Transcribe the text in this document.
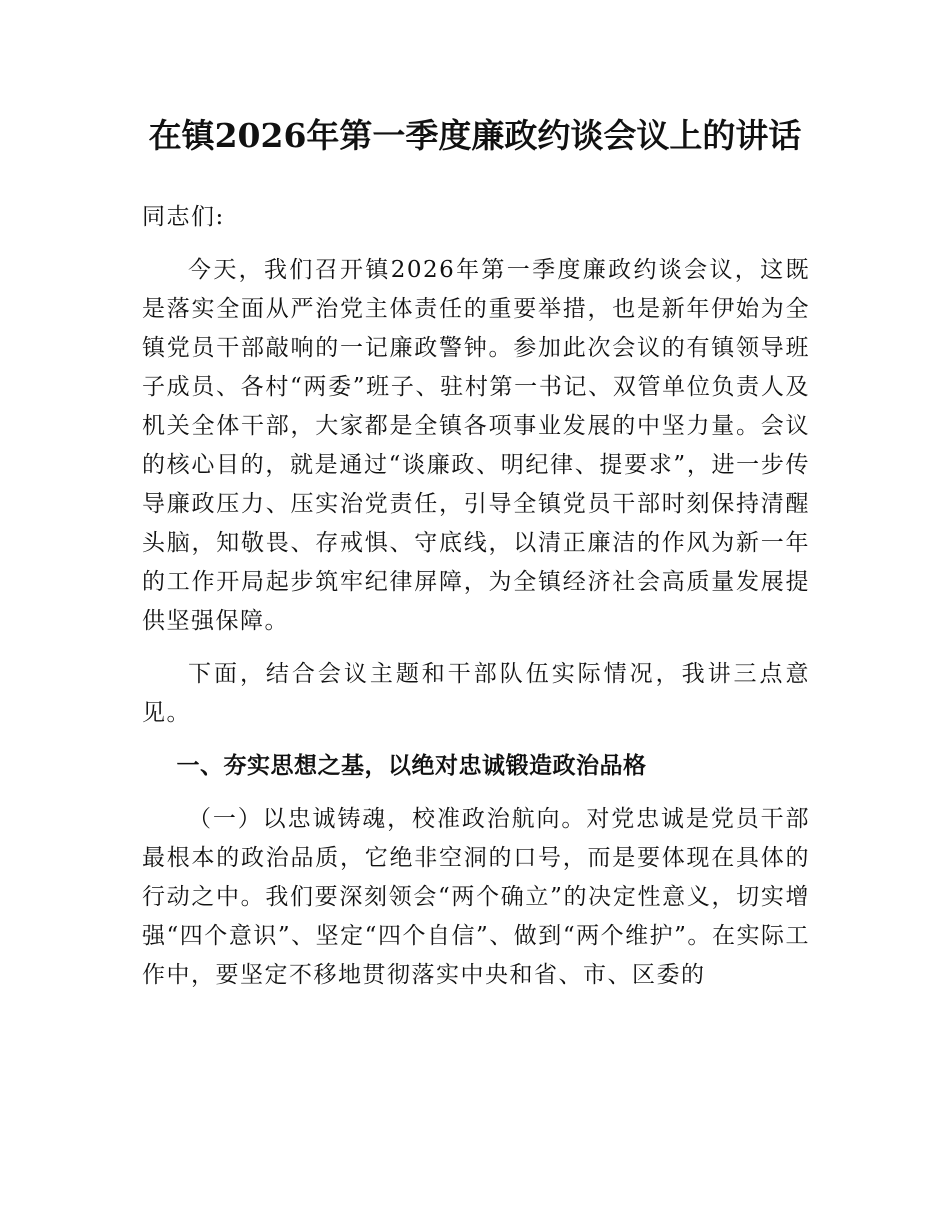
在镇2026年第一季度廉政约谈会议上的讲话

同志们:

今天，我们召开镇2026年第一季度廉政约谈会议，这既是落实全面从严治党主体责任的重要举措，也是新年伊始为全镇党员干部敲响的一记廉政警钟。参加此次会议的有镇领导班子成员、各村“两委”班子、驻村第一书记、双管单位负责人及机关全体干部，大家都是全镇各项事业发展的中坚力量。会议的核心目的，就是通过“谈廉政、明纪律、提要求”，进一步传导廉政压力、压实治党责任，引导全镇党员干部时刻保持清醒头脑，知敬畏、存戒惧、守底线，以清正廉洁的作风为新一年的工作开局起步筑牢纪律屏障，为全镇经济社会高质量发展提供坚强保障。

下面，结合会议主题和干部队伍实际情况，我讲三点意见。

一、夯实思想之基，以绝对忠诚锻造政治品格

（一）以忠诚铸魂，校准政治航向。对党忠诚是党员干部最根本的政治品质，它绝非空洞的口号，而是要体现在具体的行动之中。我们要深刻领会“两个确立”的决定性意义，切实增强“四个意识”、坚定“四个自信”、做到“两个维护”。在实际工作中，要坚定不移地贯彻落实中央和省、市、区委的
